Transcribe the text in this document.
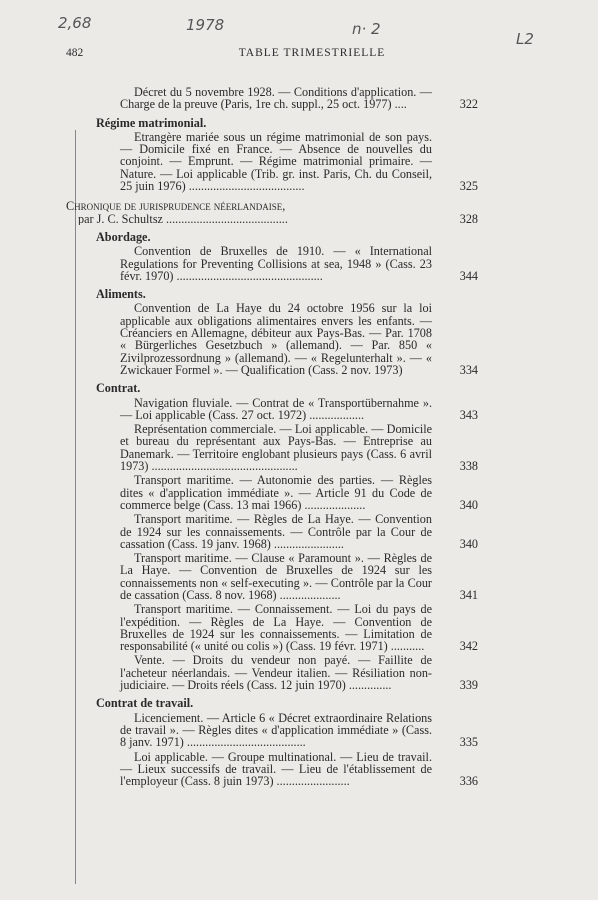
2,68	1978	n· 2
L2
482	TABLE TRIMESTRIELLE
Décret du 5 novembre 1928. — Conditions d'application. — Charge de la preuve (Paris, 1re ch. suppl., 25 oct. 1977) ....	322
Régime matrimonial.
Etrangère mariée sous un régime matrimonial de son pays. — Domicile fixé en France. — Absence de nouvelles du conjoint. — Emprunt. — Régime matrimonial primaire. — Nature. — Loi applicable (Trib. gr. inst. Paris, Ch. du Conseil, 25 juin 1976) ......................................	325
Chronique de jurisprudence néerlandaise,
par J. C. Schultsz ........................................	328
Abordage.
Convention de Bruxelles de 1910. — « International Regulations for Preventing Collisions at sea, 1948 » (Cass. 23 févr. 1970) ................................................	344
Aliments.
Convention de La Haye du 24 octobre 1956 sur la loi applicable aux obligations alimentaires envers les enfants. — Créanciers en Allemagne, débiteur aux Pays-Bas. — Par. 1708 « Bürgerliches Gesetzbuch » (allemand). — Par. 850 « Zivilprozessordnung » (allemand). — « Regelunterhalt ». — « Zwickauer Formel ». — Qualification (Cass. 2 nov. 1973)	334
Contrat.
Navigation fluviale. — Contrat de « Transportübernahme ». — Loi applicable (Cass. 27 oct. 1972) ..................	343
Représentation commerciale. — Loi applicable. — Domicile et bureau du représentant aux Pays-Bas. — Entreprise au Danemark. — Territoire englobant plusieurs pays (Cass. 6 avril 1973) ................................................	338
Transport maritime. — Autonomie des parties. — Règles dites « d'application immédiate ». — Article 91 du Code de commerce belge (Cass. 13 mai 1966) ....................	340
Transport maritime. — Règles de La Haye. — Convention de 1924 sur les connaissements. — Contrôle par la Cour de cassation (Cass. 19 janv. 1968) .......................	340
Transport maritime. — Clause « Paramount ». — Règles de La Haye. — Convention de Bruxelles de 1924 sur les connaissements non « self-executing ». — Contrôle par la Cour de cassation (Cass. 8 nov. 1968) ....................	341
Transport maritime. — Connaissement. — Loi du pays de l'expédition. — Règles de La Haye. — Convention de Bruxelles de 1924 sur les connaissements. — Limitation de responsabilité (« unité ou colis ») (Cass. 19 févr. 1971) ...........	342
Vente. — Droits du vendeur non payé. — Faillite de l'acheteur néerlandais. — Vendeur italien. — Résiliation non-judiciaire. — Droits réels (Cass. 12 juin 1970) ..............	339
Contrat de travail.
Licenciement. — Article 6 « Décret extraordinaire Relations de travail ». — Règles dites « d'application immédiate » (Cass. 8 janv. 1971) .......................................	335
Loi applicable. — Groupe multinational. — Lieu de travail. — Lieux successifs de travail. — Lieu de l'établissement de l'employeur (Cass. 8 juin 1973) ........................	336
